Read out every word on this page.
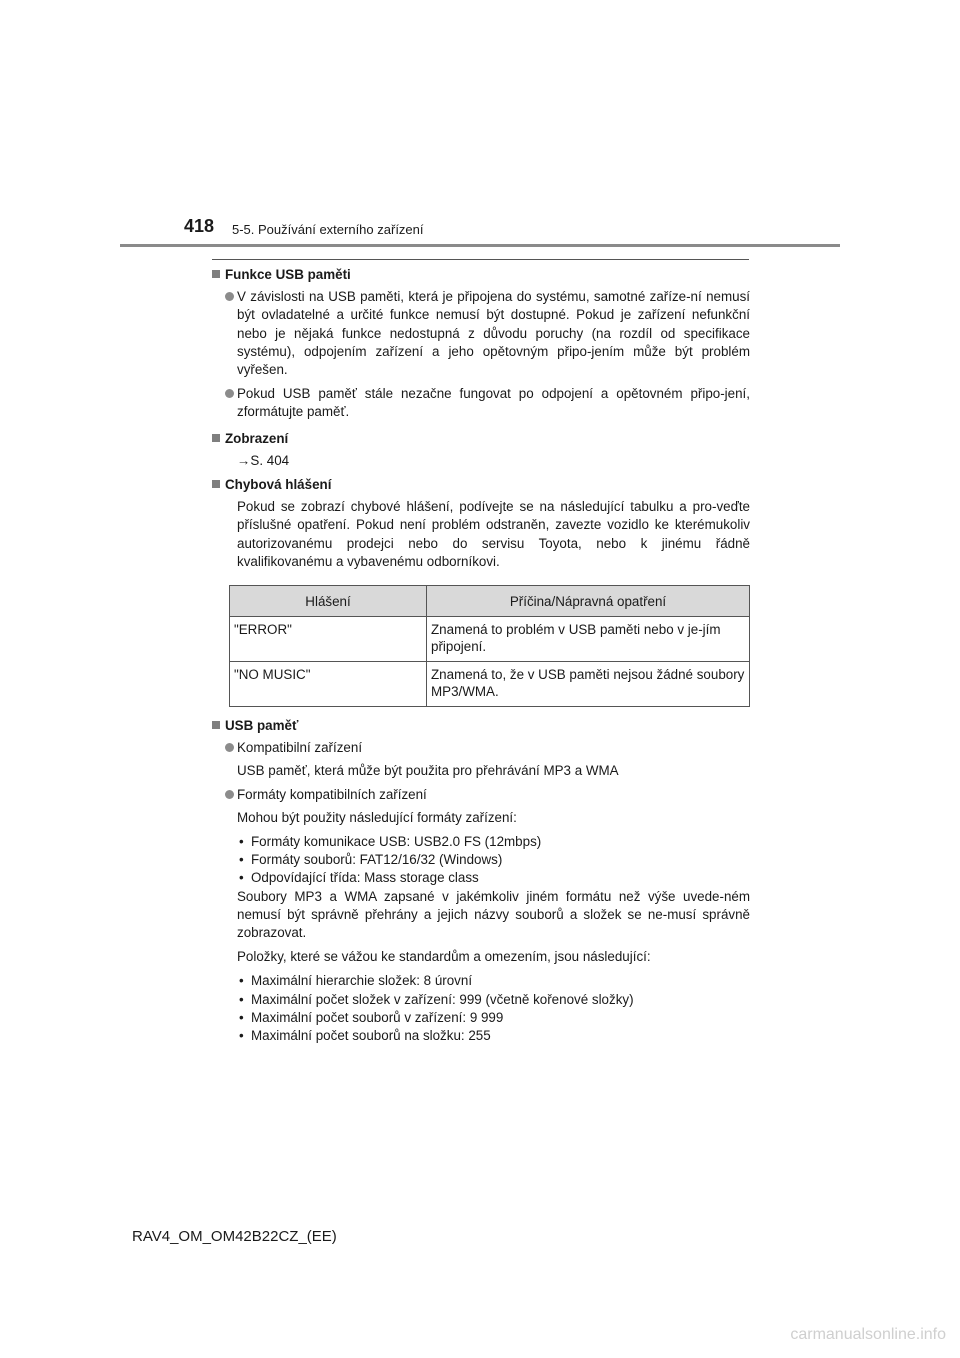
418 5-5. Používání externího zařízení

Funkce USB paměti

V závislosti na USB paměti, která je připojena do systému, samotné zaříze-ní nemusí být ovladatelné a určité funkce nemusí být dostupné. Pokud je zařízení nefunkční nebo je nějaká funkce nedostupná z důvodu poruchy (na rozdíl od specifikace systému), odpojením zařízení a jeho opětovným připo-jením může být problém vyřešen.

Pokud USB paměť stále nezačne fungovat po odpojení a opětovném připo-jení, zformátujte paměť.

Zobrazení

→S. 404

Chybová hlášení

Pokud se zobrazí chybové hlášení, podívejte se na následující tabulku a pro-veďte příslušné opatření. Pokud není problém odstraněn, zavezte vozidlo ke kterémukoliv autorizovanému prodejci nebo do servisu Toyota, nebo k jinému řádně kvalifikovanému a vybavenému odborníkovi.

Hlášení	Příčina/Nápravná opatření
"ERROR"	Znamená to problém v USB paměti nebo v je-jím připojení.
"NO MUSIC"	Znamená to, že v USB paměti nejsou žádné soubory MP3/WMA.

USB paměť

Kompatibilní zařízení

USB paměť, která může být použita pro přehrávání MP3 a WMA

Formáty kompatibilních zařízení

Mohou být použity následující formáty zařízení:

• Formáty komunikace USB: USB2.0 FS (12mbps)
• Formáty souborů: FAT12/16/32 (Windows)
• Odpovídající třída: Mass storage class

Soubory MP3 a WMA zapsané v jakémkoliv jiném formátu než výše uvede-ném nemusí být správně přehrány a jejich názvy souborů a složek se ne-musí správně zobrazovat.

Položky, které se vážou ke standardům a omezením, jsou následující:

• Maximální hierarchie složek: 8 úrovní
• Maximální počet složek v zařízení: 999 (včetně kořenové složky)
• Maximální počet souborů v zařízení: 9 999
• Maximální počet souborů na složku: 255
RAV4_OM_OM42B22CZ_(EE)
carmanualsonline.info
